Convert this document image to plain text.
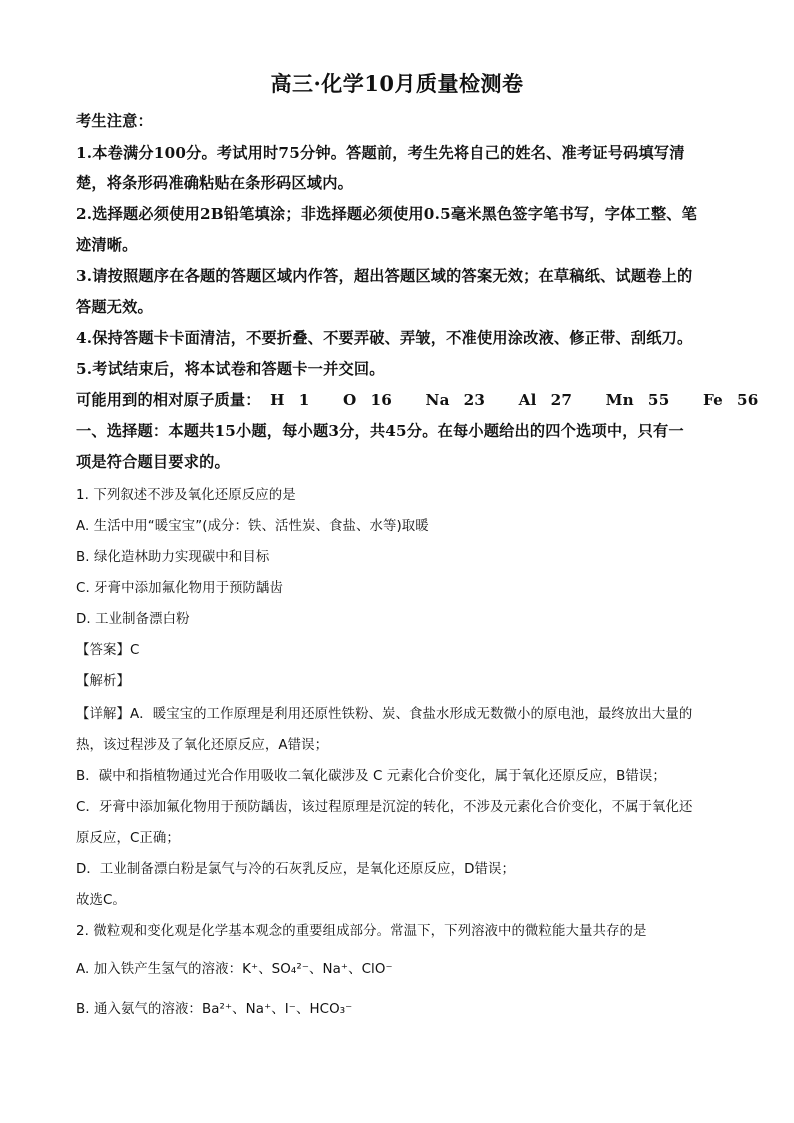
高三·化学10月质量检测卷
考生注意：
1.本卷满分100分。考试用时75分钟。答题前，考生先将自己的姓名、准考证号码填写清
楚，将条形码准确粘贴在条形码区域内。
2.选择题必须使用2B铅笔填涂；非选择题必须使用0.5毫米黑色签字笔书写，字体工整、笔
迹清晰。
3.请按照题序在各题的答题区域内作答，超出答题区域的答案无效；在草稿纸、试题卷上的
答题无效。
4.保持答题卡卡面清洁，不要折叠、不要弄破、弄皱，不准使用涂改液、修正带、刮纸刀。
5.考试结束后，将本试卷和答题卡一并交回。
可能用到的相对原子质量： H 1 O 16 Na 23 Al 27 Mn 55 Fe 56
一、选择题：本题共15小题，每小题3分，共45分。在每小题给出的四个选项中，只有一
项是符合题目要求的。
1. 下列叙述不涉及氧化还原反应的是
A. 生活中用“暖宝宝”(成分：铁、活性炭、食盐、水等)取暖
B. 绿化造林助力实现碳中和目标
C. 牙膏中添加氟化物用于预防龋齿
D. 工业制备漂白粉
【答案】C
【解析】
【详解】A．暖宝宝的工作原理是利用还原性铁粉、炭、食盐水形成无数微小的原电池，最终放出大量的
热，该过程涉及了氧化还原反应，A错误；
B．碳中和指植物通过光合作用吸收二氧化碳涉及 C 元素化合价变化，属于氧化还原反应，B错误；
C．牙膏中添加氟化物用于预防龋齿，该过程原理是沉淀的转化，不涉及元素化合价变化，不属于氧化还
原反应，C正确；
D．工业制备漂白粉是氯气与冷的石灰乳反应，是氧化还原反应，D错误；
故选C。
2. 微粒观和变化观是化学基本观念的重要组成部分。常温下，下列溶液中的微粒能大量共存的是
A. 加入铁产生氢气的溶液：K⁺、SO₄²⁻、Na⁺、ClO⁻
B. 通入氨气的溶液：Ba²⁺、Na⁺、I⁻、HCO₃⁻
